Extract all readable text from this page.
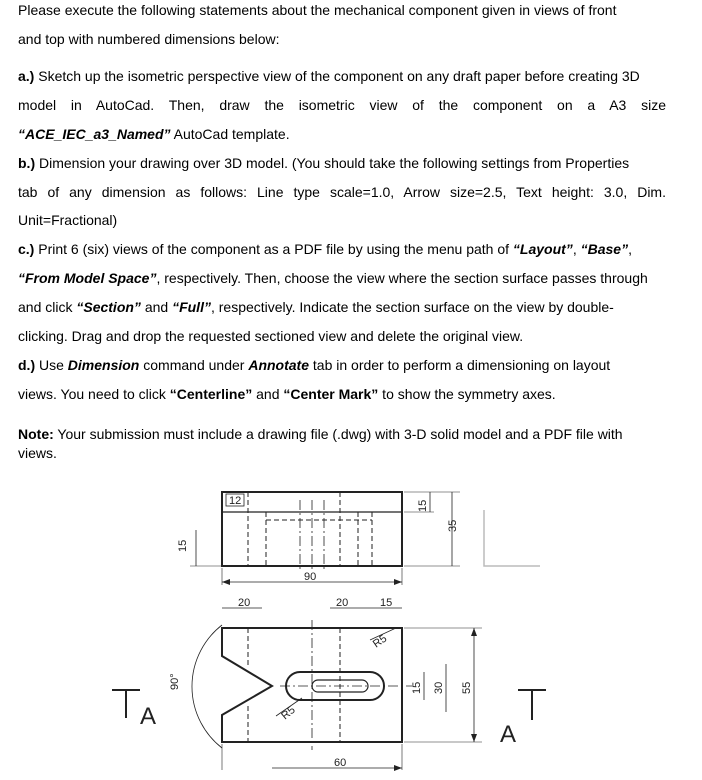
Please execute the following statements about the mechanical component given in views of front
and top with numbered dimensions below:
a.) Sketch up the isometric perspective view of the component on any draft paper before creating 3D
model in AutoCad. Then, draw the isometric view of the component on a A3 size
“ACE_IEC_a3_Named” AutoCad template.
b.) Dimension your drawing over 3D model. (You should take the following settings from Properties
tab of any dimension as follows: Line type scale=1.0, Arrow size=2.5, Text height: 3.0, Dim.
Unit=Fractional)
c.) Print 6 (six) views of the component as a PDF file by using the menu path of “Layout”, “Base”,
“From Model Space”, respectively. Then, choose the view where the section surface passes through
and click “Section” and “Full”, respectively. Indicate the section surface on the view by double-
clicking. Drag and drop the requested sectioned view and delete the original view.
d.) Use Dimension command under Annotate tab in order to perform a dimensioning on layout
views. You need to click “Centerline” and “Center Mark” to show the symmetry axes.
Note: Your submission must include a drawing file (.dwg) with 3-D solid model and a PDF file with
views.
12
15
15
35
90
20	20	15
R5
R5
90°	15 30 55
60
A
A
